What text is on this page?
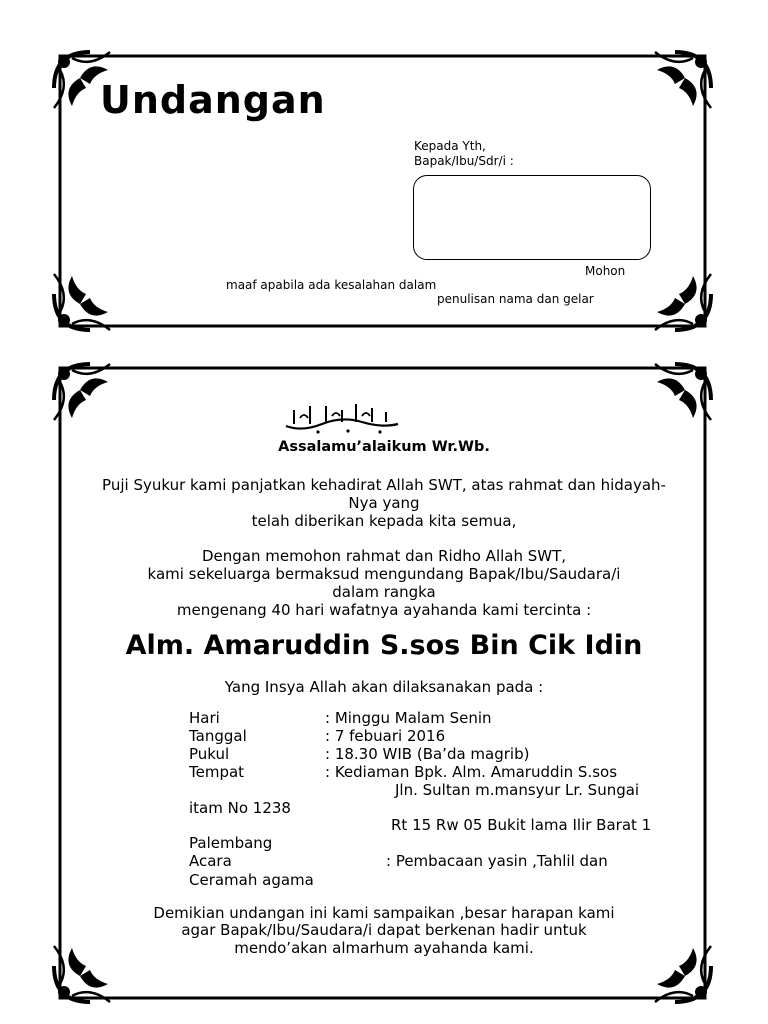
Undangan
Kepada Yth,
Bapak/Ibu/Sdr/i :
Mohon
maaf apabila ada kesalahan dalam
penulisan nama dan gelar
Assalamu’alaikum Wr.Wb.
Puji Syukur kami panjatkan kehadirat Allah SWT, atas rahmat dan hidayah-
Nya yang
telah diberikan kepada kita semua,
Dengan memohon rahmat dan Ridho Allah SWT,
kami sekeluarga bermaksud mengundang Bapak/Ibu/Saudara/i
dalam rangka
mengenang 40 hari wafatnya ayahanda kami tercinta :
Alm. Amaruddin S.sos Bin Cik Idin
Yang Insya Allah akan dilaksanakan pada :
Hari	: Minggu Malam Senin
Tanggal	: 7 febuari 2016
Pukul	: 18.30 WIB (Ba’da magrib)
Tempat	: Kediaman Bpk. Alm. Amaruddin S.sos
Jln. Sultan m.mansyur Lr. Sungai
itam No 1238
Rt 15 Rw 05 Bukit lama Ilir Barat 1
Palembang
Acara	: Pembacaan yasin ,Tahlil dan
Ceramah agama
Demikian undangan ini kami sampaikan ,besar harapan kami
agar Bapak/Ibu/Saudara/i dapat berkenan hadir untuk
mendo’akan almarhum ayahanda kami.
